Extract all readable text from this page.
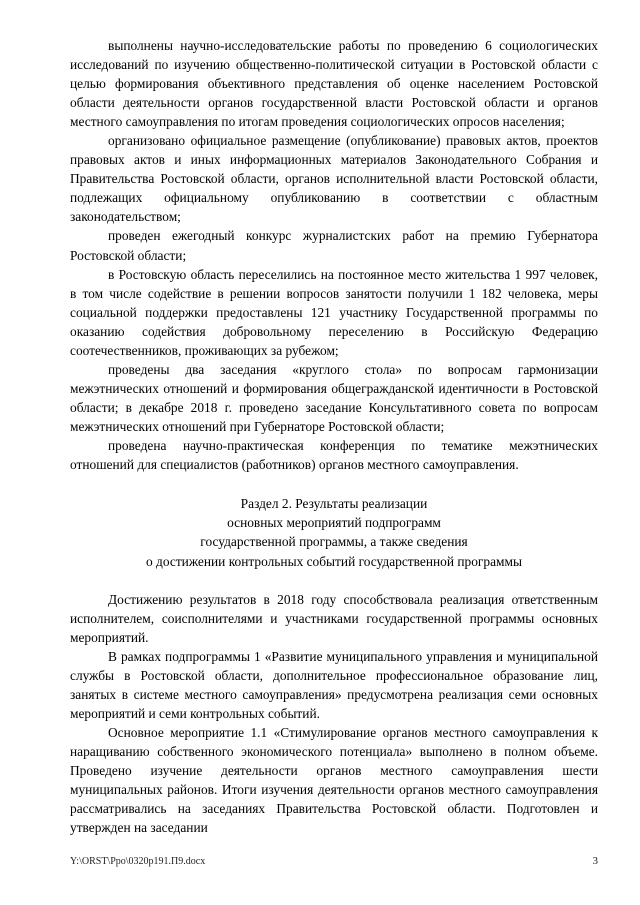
выполнены научно-исследовательские работы по проведению 6 социологических исследований по изучению общественно-политической ситуации в Ростовской области с целью формирования объективного представления об оценке населением Ростовской области деятельности органов государственной власти Ростовской области и органов местного самоуправления по итогам проведения социологических опросов населения;

организовано официальное размещение (опубликование) правовых актов, проектов правовых актов и иных информационных материалов Законодательного Собрания и Правительства Ростовской области, органов исполнительной власти Ростовской области, подлежащих официальному опубликованию в соответствии с областным законодательством;

проведен ежегодный конкурс журналистских работ на премию Губернатора Ростовской области;

в Ростовскую область переселились на постоянное место жительства 1 997 человек, в том числе содействие в решении вопросов занятости получили 1 182 человека, меры социальной поддержки предоставлены 121 участнику Государственной программы по оказанию содействия добровольному переселению в Российскую Федерацию соотечественников, проживающих за рубежом;

проведены два заседания «круглого стола» по вопросам гармонизации межэтнических отношений и формирования общегражданской идентичности в Ростовской области; в декабре 2018 г. проведено заседание Консультативного совета по вопросам межэтнических отношений при Губернаторе Ростовской области;

проведена научно-практическая конференция по тематике межэтнических отношений для специалистов (работников) органов местного самоуправления.

Раздел 2. Результаты реализации
основных мероприятий подпрограмм
государственной программы, а также сведения
о достижении контрольных событий государственной программы

Достижению результатов в 2018 году способствовала реализация ответственным исполнителем, соисполнителями и участниками государственной программы основных мероприятий.

В рамках подпрограммы 1 «Развитие муниципального управления и муниципальной службы в Ростовской области, дополнительное профессиональное образование лиц, занятых в системе местного самоуправления» предусмотрена реализация семи основных мероприятий и семи контрольных событий.

Основное мероприятие 1.1 «Стимулирование органов местного самоуправления к наращиванию собственного экономического потенциала» выполнено в полном объеме. Проведено изучение деятельности органов местного самоуправления шести муниципальных районов. Итоги изучения деятельности органов местного самоуправления рассматривались на заседаниях Правительства Ростовской области. Подготовлен и утвержден на заседании

Y:\ORST\Ppo\0320p191.П9.docx	3
